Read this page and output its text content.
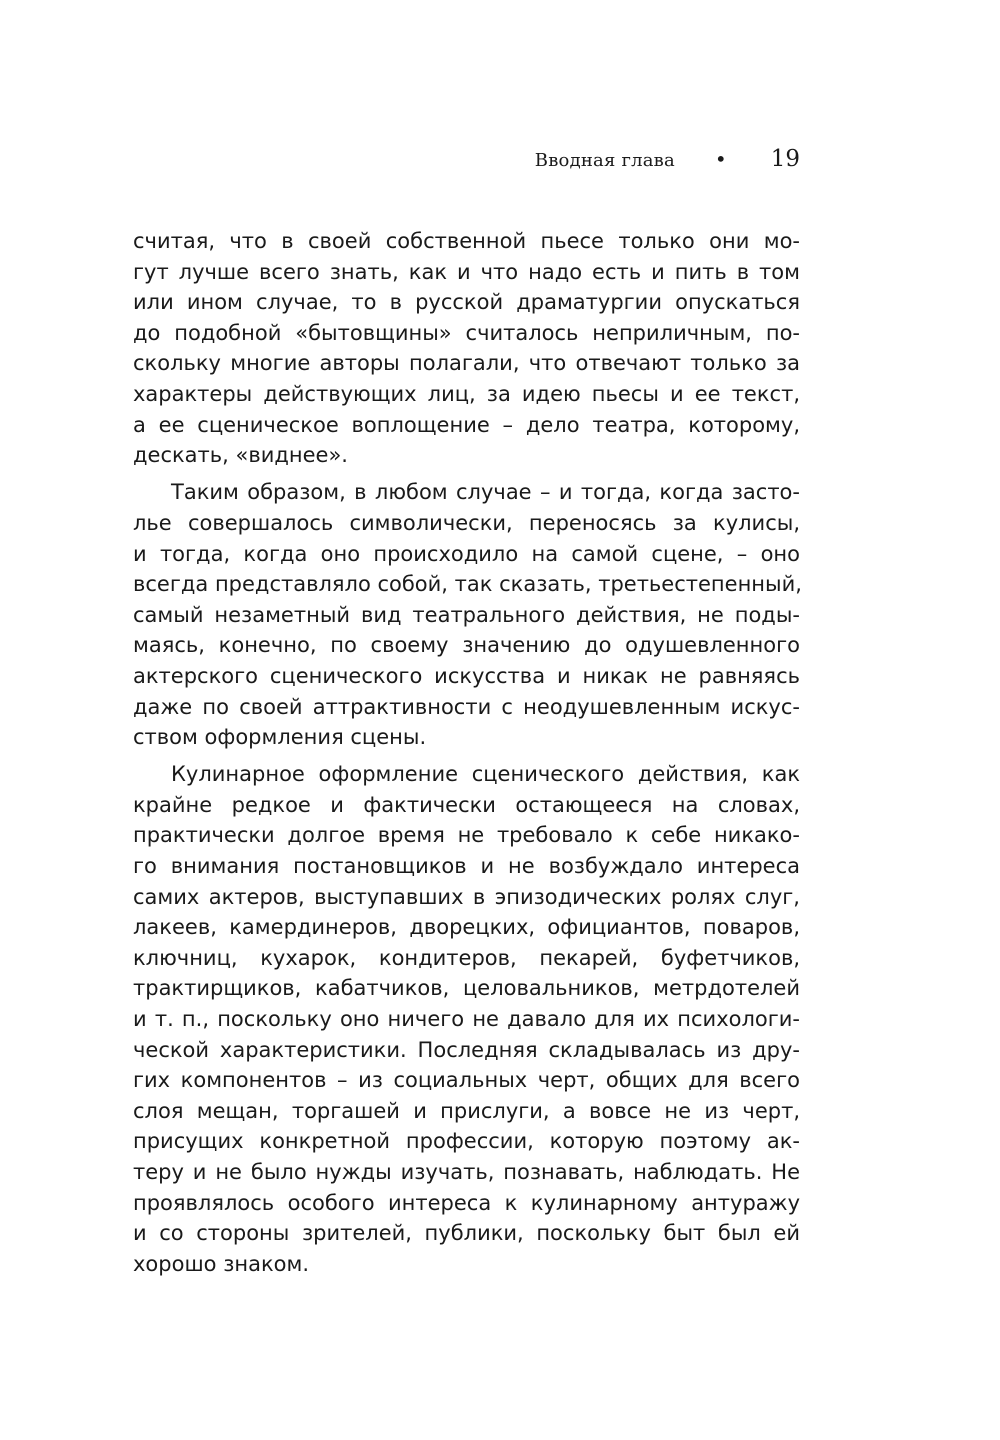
Вводная глава • 19

считая, что в своей собственной пьесе только они мо-
гут лучше всего знать, как и что надо есть и пить в том
или ином случае, то в русской драматургии опускаться
до подобной «бытовщины» считалось неприличным, по-
скольку многие авторы полагали, что отвечают только за
характеры действующих лиц, за идею пьесы и ее текст,
а ее сценическое воплощение – дело театра, которому,
дескать, «виднее».

Таким образом, в любом случае – и тогда, когда засто-
лье совершалось символически, переносясь за кулисы,
и тогда, когда оно происходило на самой сцене, – оно
всегда представляло собой, так сказать, третьестепенный,
самый незаметный вид театрального действия, не поды-
маясь, конечно, по своему значению до одушевленного
актерского сценического искусства и никак не равняясь
даже по своей аттрактивности с неодушевленным искус-
ством оформления сцены.

Кулинарное оформление сценического действия, как
крайне редкое и фактически остающееся на словах,
практически долгое время не требовало к себе никако-
го внимания постановщиков и не возбуждало интереса
самих актеров, выступавших в эпизодических ролях слуг,
лакеев, камердинеров, дворецких, официантов, поваров,
ключниц, кухарок, кондитеров, пекарей, буфетчиков,
трактирщиков, кабатчиков, целовальников, метрдотелей
и т. п., поскольку оно ничего не давало для их психологи-
ческой характеристики. Последняя складывалась из дру-
гих компонентов – из социальных черт, общих для всего
слоя мещан, торгашей и прислуги, а вовсе не из черт,
присущих конкретной профессии, которую поэтому ак-
теру и не было нужды изучать, познавать, наблюдать. Не
проявлялось особого интереса к кулинарному антуражу
и со стороны зрителей, публики, поскольку быт был ей
хорошо знаком.
